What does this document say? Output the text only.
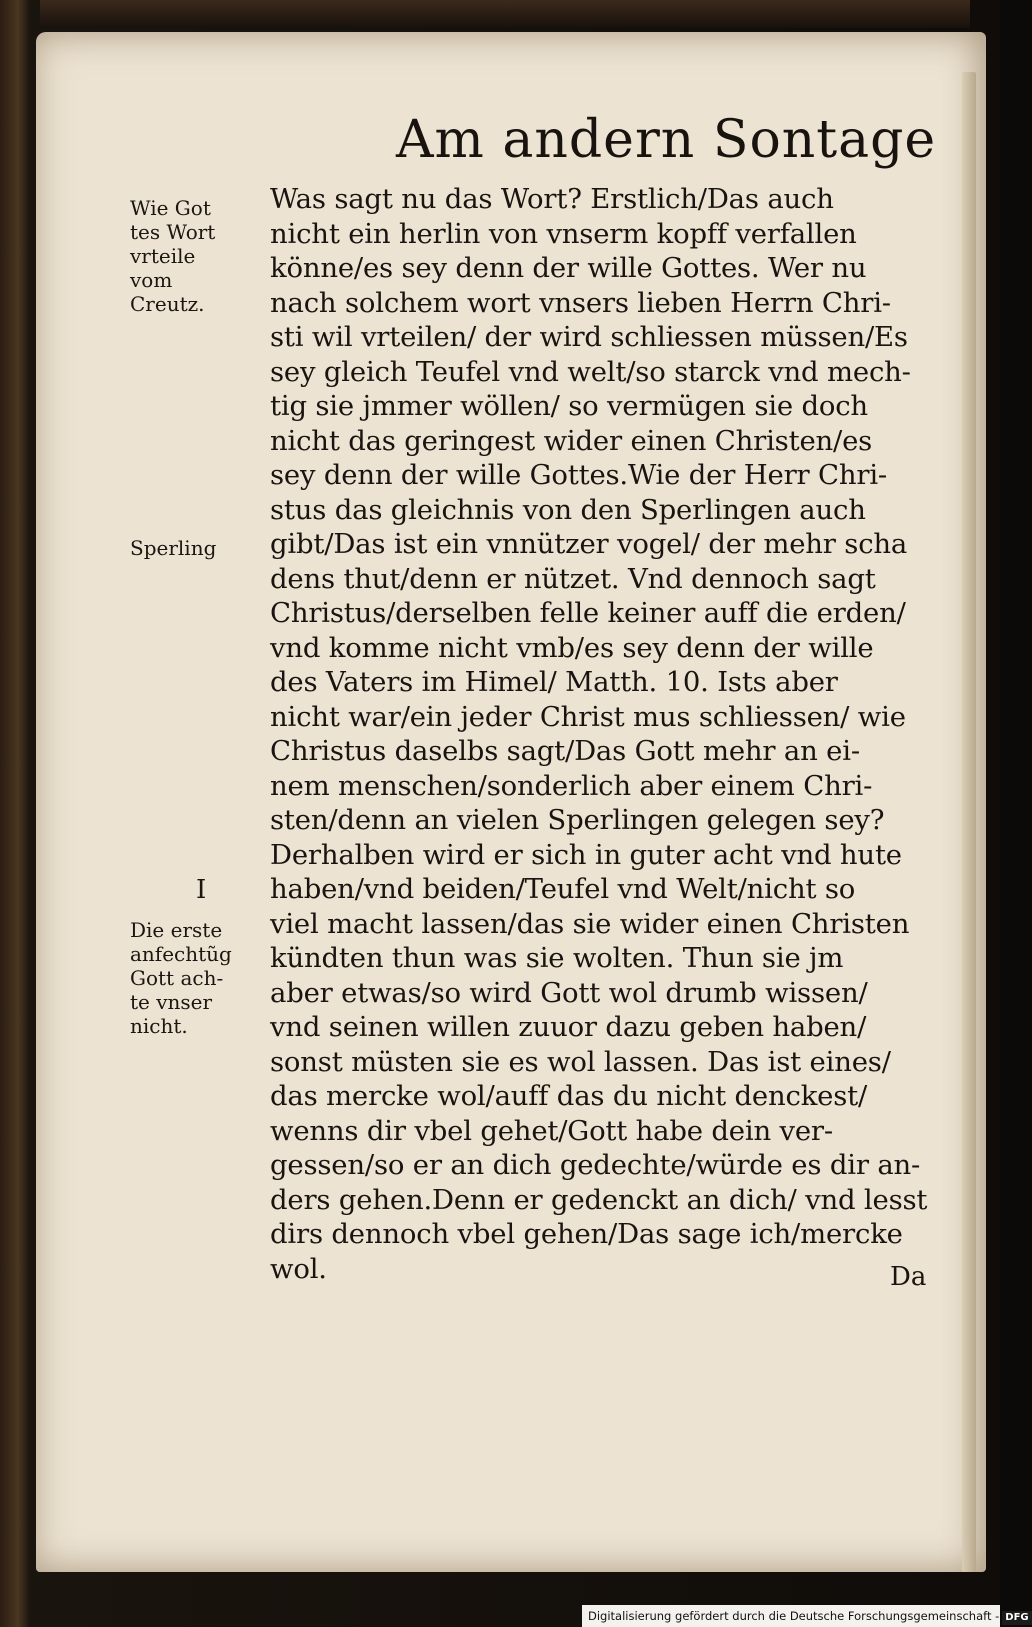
Am andern Sontage
Wie Got
tes Wort
vrteile
vom
Creutz.
Sperling
I
Die erste
anfechtũg
Gott ach-
te vnser
nicht.
Was sagt nu das Wort? Erstlich/Das auch
nicht ein herlin von vnserm kopff verfallen
könne/es sey denn der wille Gottes. Wer nu
nach solchem wort vnsers lieben Herrn Chri-
sti wil vrteilen/ der wird schliessen müssen/Es
sey gleich Teufel vnd welt/so starck vnd mech-
tig sie jmmer wöllen/ so vermügen sie doch
nicht das geringest wider einen Christen/es
sey denn der wille Gottes.Wie der Herr Chri-
stus das gleichnis von den Sperlingen auch
gibt/Das ist ein vnnützer vogel/ der mehr scha
dens thut/denn er nützet. Vnd dennoch sagt
Christus/derselben felle keiner auff die erden/
vnd komme nicht vmb/es sey denn der wille
des Vaters im Himel/ Matth. 10. Ists aber
nicht war/ein jeder Christ mus schliessen/ wie
Christus daselbs sagt/Das Gott mehr an ei-
nem menschen/sonderlich aber einem Chri-
sten/denn an vielen Sperlingen gelegen sey?
Derhalben wird er sich in guter acht vnd hute
haben/vnd beiden/Teufel vnd Welt/nicht so
viel macht lassen/das sie wider einen Christen
kündten thun was sie wolten. Thun sie jm
aber etwas/so wird Gott wol drumb wissen/
vnd seinen willen zuuor dazu geben haben/
sonst müsten sie es wol lassen. Das ist eines/
das mercke wol/auff das du nicht denckest/
wenns dir vbel gehet/Gott habe dein ver-
gessen/so er an dich gedechte/würde es dir an-
ders gehen.Denn er gedenckt an dich/ vnd lesst
dirs dennoch vbel gehen/Das sage ich/mercke
wol.	Da
Digitalisierung gefördert durch die Deutsche Forschungsgemeinschaft - DFG
